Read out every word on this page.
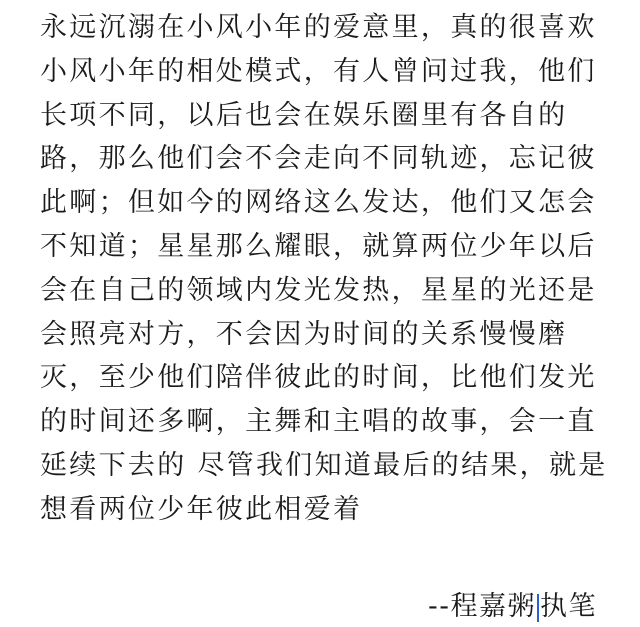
永远沉溺在小风小年的爱意里，真的很喜欢
小风小年的相处模式，有人曾问过我，他们
长项不同，以后也会在娱乐圈里有各自的
路，那么他们会不会走向不同轨迹，忘记彼
此啊；但如今的网络这么发达，他们又怎会
不知道；星星那么耀眼，就算两位少年以后
会在自己的领域内发光发热，星星的光还是
会照亮对方，不会因为时间的关系慢慢磨
灭，至少他们陪伴彼此的时间，比他们发光
的时间还多啊，主舞和主唱的故事，会一直
延续下去的 尽管我们知道最后的结果，就是
想看两位少年彼此相爱着
--程嘉粥 执笔
